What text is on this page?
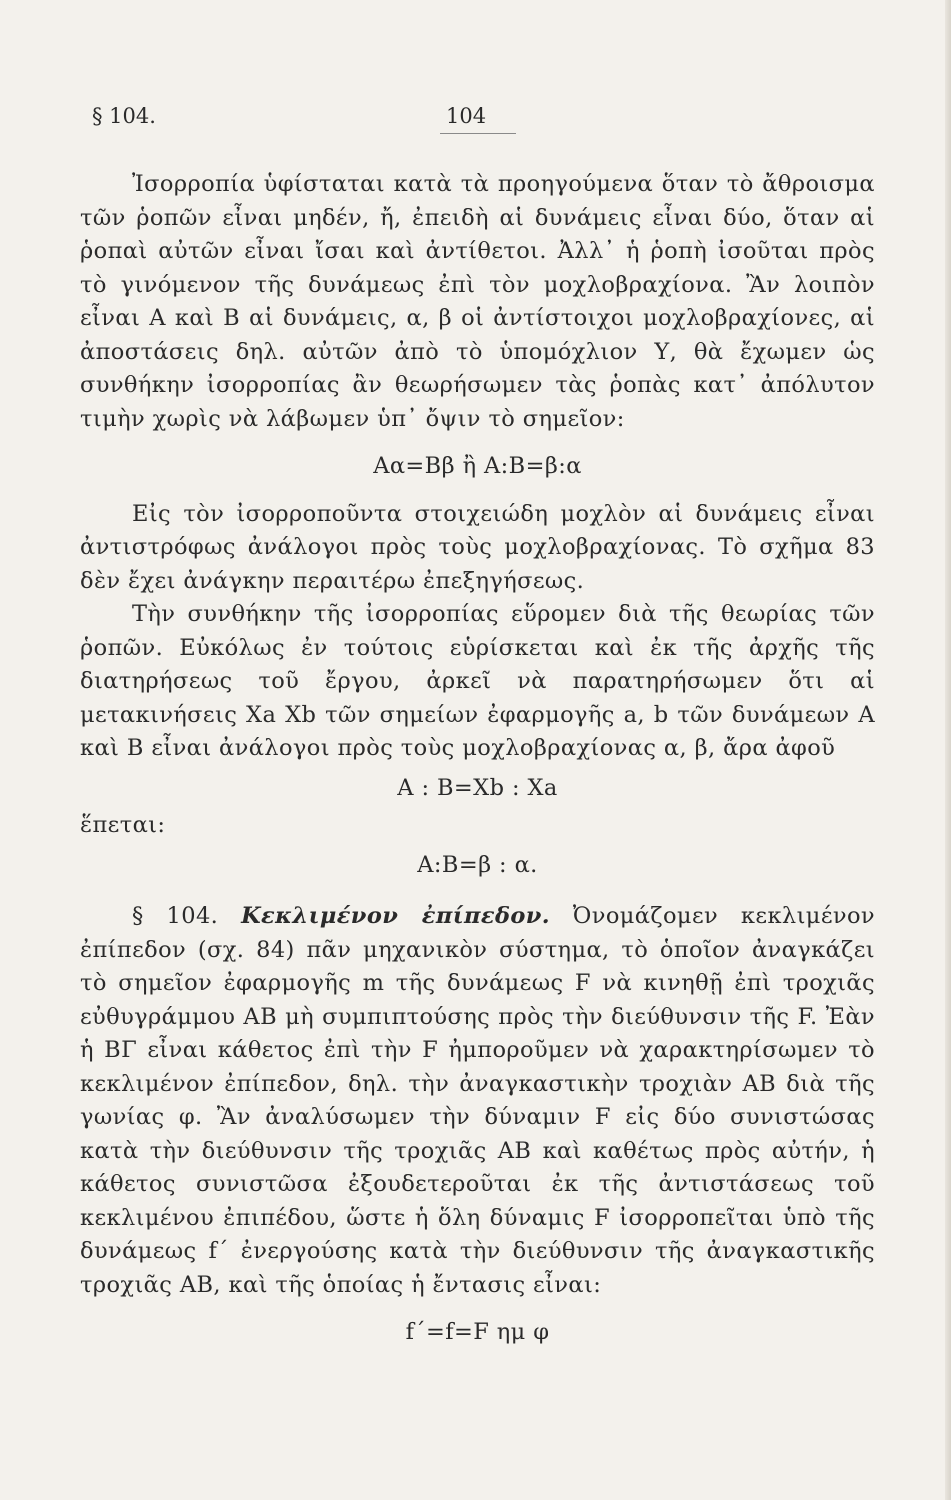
§ 104.	104

Ἰσορροπία ὑφίσταται κατὰ τὰ προηγούμενα ὅταν τὸ ἄθροισμα τῶν ῥοπῶν εἶναι μηδέν, ἤ, ἐπειδὴ αἱ δυνάμεις εἶναι δύο, ὅταν αἱ ῥοπαὶ αὐτῶν εἶναι ἴσαι καὶ ἀντίθετοι. Ἀλλ᾽ ἡ ῥοπὴ ἰσοῦται πρὸς τὸ γινόμενον τῆς δυνάμεως ἐπὶ τὸν μοχλοβραχίονα. Ἂν λοιπὸν εἶναι Α καὶ Β αἱ δυνάμεις, α, β οἱ ἀντίστοιχοι μοχλοβραχίονες, αἱ ἀποστάσεις δηλ. αὐτῶν ἀπὸ τὸ ὑπομόχλιον Υ, θὰ ἔχωμεν ὡς συνθήκην ἰσορροπίας ἂν θεωρήσωμεν τὰς ῥοπὰς κατ᾽ ἀπόλυτον τιμὴν χωρὶς νὰ λάβωμεν ὑπ᾽ ὄψιν τὸ σημεῖον:

Αα=Ββ ἢ Α:Β=β:α

Εἰς τὸν ἰσορροποῦντα στοιχειώδη μοχλὸν αἱ δυνάμεις εἶναι ἀντιστρόφως ἀνάλογοι πρὸς τοὺς μοχλοβραχίονας. Τὸ σχῆμα 83 δὲν ἔχει ἀνάγκην περαιτέρω ἐπεξηγήσεως.

Τὴν συνθήκην τῆς ἰσορροπίας εὕρομεν διὰ τῆς θεωρίας τῶν ῥοπῶν. Εὐκόλως ἐν τούτοις εὑρίσκεται καὶ ἐκ τῆς ἀρχῆς τῆς διατηρήσεως τοῦ ἔργου, ἀρκεῖ νὰ παρατηρήσωμεν ὅτι αἱ μετακινήσεις Xa Xb τῶν σημείων ἐφαρμογῆς a, b τῶν δυνάμεων Α καὶ Β εἶναι ἀνάλογοι πρὸς τοὺς μοχλοβραχίονας α, β, ἄρα ἀφοῦ

Α : Β=Xb : Xa

ἕπεται:

Α:Β=β : α.

§ 104. Κεκλιμένον ἐπίπεδον. Ὀνομάζομεν κεκλιμένον ἐπίπεδον (σχ. 84) πᾶν μηχανικὸν σύστημα, τὸ ὁποῖον ἀναγκάζει τὸ σημεῖον ἐφαρμογῆς m τῆς δυνάμεως F νὰ κινηθῇ ἐπὶ τροχιᾶς εὐθυγράμμου ΑΒ μὴ συμπιπτούσης πρὸς τὴν διεύθυνσιν τῆς F. Ἐὰν ἡ ΒΓ εἶναι κάθετος ἐπὶ τὴν F ἠμποροῦμεν νὰ χαρακτηρίσωμεν τὸ κεκλιμένον ἐπίπεδον, δηλ. τὴν ἀναγκαστικὴν τροχιὰν ΑΒ διὰ τῆς γωνίας φ. Ἂν ἀναλύσωμεν τὴν δύναμιν F εἰς δύο συνιστώσας κατὰ τὴν διεύθυνσιν τῆς τροχιᾶς ΑΒ καὶ καθέτως πρὸς αὐτήν, ἡ κάθετος συνιστῶσα ἐξουδετεροῦται ἐκ τῆς ἀντιστάσεως τοῦ κεκλιμένου ἐπιπέδου, ὥστε ἡ ὅλη δύναμις F ἰσορροπεῖται ὑπὸ τῆς δυνάμεως f΄ ἐνεργούσης κατὰ τὴν διεύθυνσιν τῆς ἀναγκαστικῆς τροχιᾶς ΑΒ, καὶ τῆς ὁποίας ἡ ἔντασις εἶναι:

f΄=f=F ημ φ
